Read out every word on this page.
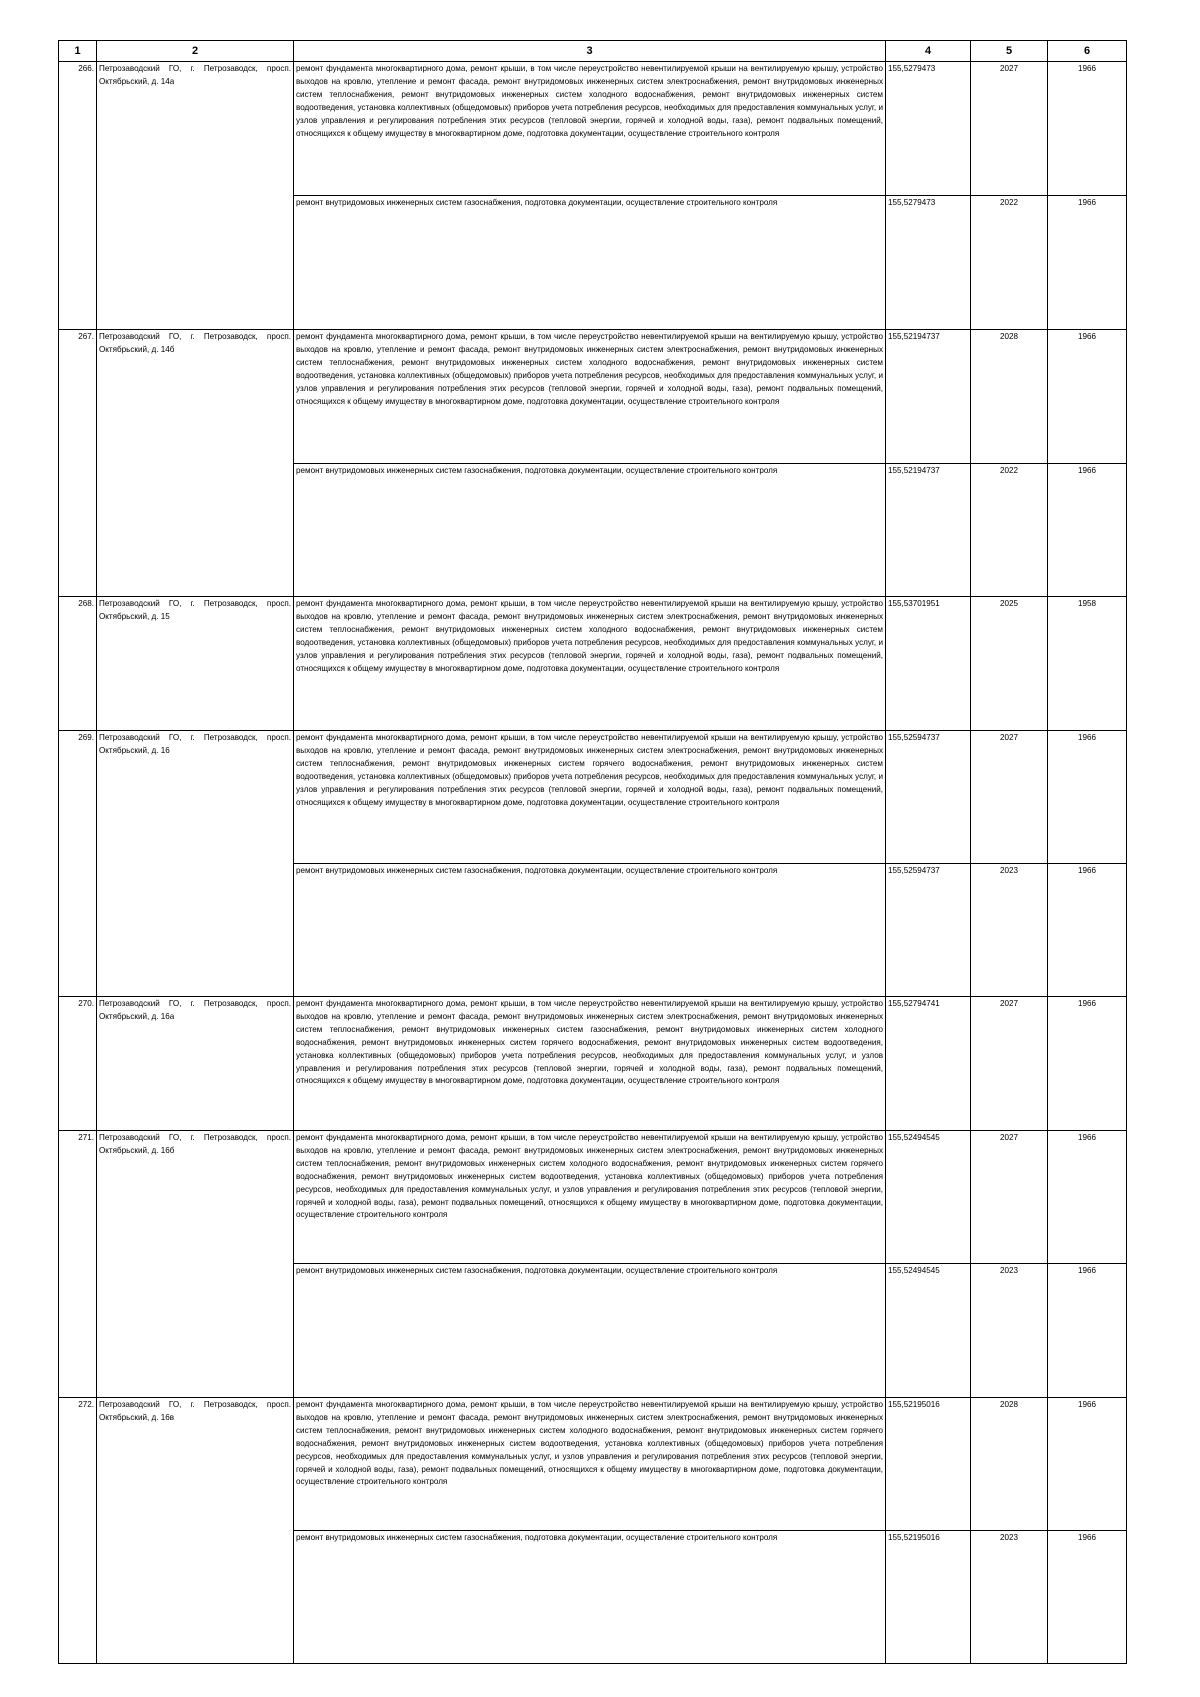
1	2	3	4	5	6
266.	Петрозаводский ГО, г. Петрозаводск, просп. Октябрьский, д. 14а	ремонт фундамента многоквартирного дома, ремонт крыши, в том числе переустройство невентилируемой крыши на вентилируемую крышу, устройство выходов на кровлю, утепление и ремонт фасада, ремонт внутридомовых инженерных систем электроснабжения, ремонт внутридомовых инженерных систем теплоснабжения, ремонт внутридомовых инженерных систем холодного водоснабжения, ремонт внутридомовых инженерных систем водоотведения, установка коллективных (общедомовых) приборов учета потребления ресурсов, необходимых для предоставления коммунальных услуг, и узлов управления и регулирования потребления этих ресурсов (тепловой энергии, горячей и холодной воды, газа), ремонт подвальных помещений, относящихся к общему имуществу в многоквартирном доме, подготовка документации, осуществление строительного контроля	155,5279473	2027	1966
		ремонт внутридомовых инженерных систем газоснабжения, подготовка документации, осуществление строительного контроля	155,5279473	2022	1966
267.	Петрозаводский ГО, г. Петрозаводск, просп. Октябрьский, д. 14б	ремонт фундамента многоквартирного дома, ремонт крыши, в том числе переустройство невентилируемой крыши на вентилируемую крышу, устройство выходов на кровлю, утепление и ремонт фасада, ремонт внутридомовых инженерных систем электроснабжения, ремонт внутридомовых инженерных систем теплоснабжения, ремонт внутридомовых инженерных систем холодного водоснабжения, ремонт внутридомовых инженерных систем водоотведения, установка коллективных (общедомовых) приборов учета потребления ресурсов, необходимых для предоставления коммунальных услуг, и узлов управления и регулирования потребления этих ресурсов (тепловой энергии, горячей и холодной воды, газа), ремонт подвальных помещений, относящихся к общему имуществу в многоквартирном доме, подготовка документации, осуществление строительного контроля	155,52194737	2028	1966
		ремонт внутридомовых инженерных систем газоснабжения, подготовка документации, осуществление строительного контроля	155,52194737	2022	1966
268.	Петрозаводский ГО, г. Петрозаводск, просп. Октябрьский, д. 15	ремонт фундамента многоквартирного дома, ремонт крыши, в том числе переустройство невентилируемой крыши на вентилируемую крышу, устройство выходов на кровлю, утепление и ремонт фасада, ремонт внутридомовых инженерных систем электроснабжения, ремонт внутридомовых инженерных систем теплоснабжения, ремонт внутридомовых инженерных систем холодного водоснабжения, ремонт внутридомовых инженерных систем водоотведения, установка коллективных (общедомовых) приборов учета потребления ресурсов, необходимых для предоставления коммунальных услуг, и узлов управления и регулирования потребления этих ресурсов (тепловой энергии, горячей и холодной воды, газа), ремонт подвальных помещений, относящихся к общему имуществу в многоквартирном доме, подготовка документации, осуществление строительного контроля	155,53701951	2025	1958
269.	Петрозаводский ГО, г. Петрозаводск, просп. Октябрьский, д. 16	ремонт фундамента многоквартирного дома, ремонт крыши, в том числе переустройство невентилируемой крыши на вентилируемую крышу, устройство выходов на кровлю, утепление и ремонт фасада, ремонт внутридомовых инженерных систем электроснабжения, ремонт внутридомовых инженерных систем теплоснабжения, ремонт внутридомовых инженерных систем горячего водоснабжения, ремонт внутридомовых инженерных систем водоотведения, установка коллективных (общедомовых) приборов учета потребления ресурсов, необходимых для предоставления коммунальных услуг, и узлов управления и регулирования потребления этих ресурсов (тепловой энергии, горячей и холодной воды, газа), ремонт подвальных помещений, относящихся к общему имуществу в многоквартирном доме, подготовка документации, осуществление строительного контроля	155,52594737	2027	1966
		ремонт внутридомовых инженерных систем газоснабжения, подготовка документации, осуществление строительного контроля	155,52594737	2023	1966
270.	Петрозаводский ГО, г. Петрозаводск, просп. Октябрьский, д. 16а	ремонт фундамента многоквартирного дома, ремонт крыши, в том числе переустройство невентилируемой крыши на вентилируемую крышу, устройство выходов на кровлю, утепление и ремонт фасада, ремонт внутридомовых инженерных систем электроснабжения, ремонт внутридомовых инженерных систем теплоснабжения, ремонт внутридомовых инженерных систем газоснабжения, ремонт внутридомовых инженерных систем холодного водоснабжения, ремонт внутридомовых инженерных систем горячего водоснабжения, ремонт внутридомовых инженерных систем водоотведения, установка коллективных (общедомовых) приборов учета потребления ресурсов, необходимых для предоставления коммунальных услуг, и узлов управления и регулирования потребления этих ресурсов (тепловой энергии, горячей и холодной воды, газа), ремонт подвальных помещений, относящихся к общему имуществу в многоквартирном доме, подготовка документации, осуществление строительного контроля	155,52794741	2027	1966
271.	Петрозаводский ГО, г. Петрозаводск, просп. Октябрьский, д. 16б	ремонт фундамента многоквартирного дома, ремонт крыши, в том числе переустройство невентилируемой крыши на вентилируемую крышу, устройство выходов на кровлю, утепление и ремонт фасада, ремонт внутридомовых инженерных систем электроснабжения, ремонт внутридомовых инженерных систем теплоснабжения, ремонт внутридомовых инженерных систем холодного водоснабжения, ремонт внутридомовых инженерных систем горячего водоснабжения, ремонт внутридомовых инженерных систем водоотведения, установка коллективных (общедомовых) приборов учета потребления ресурсов, необходимых для предоставления коммунальных услуг, и узлов управления и регулирования потребления этих ресурсов (тепловой энергии, горячей и холодной воды, газа), ремонт подвальных помещений, относящихся к общему имуществу в многоквартирном доме, подготовка документации, осуществление строительного контроля	155,52494545	2027	1966
		ремонт внутридомовых инженерных систем газоснабжения, подготовка документации, осуществление строительного контроля	155,52494545	2023	1966
272.	Петрозаводский ГО, г. Петрозаводск, просп. Октябрьский, д. 16в	ремонт фундамента многоквартирного дома, ремонт крыши, в том числе переустройство невентилируемой крыши на вентилируемую крышу, устройство выходов на кровлю, утепление и ремонт фасада, ремонт внутридомовых инженерных систем электроснабжения, ремонт внутридомовых инженерных систем теплоснабжения, ремонт внутридомовых инженерных систем холодного водоснабжения, ремонт внутридомовых инженерных систем горячего водоснабжения, ремонт внутридомовых инженерных систем водоотведения, установка коллективных (общедомовых) приборов учета потребления ресурсов, необходимых для предоставления коммунальных услуг, и узлов управления и регулирования потребления этих ресурсов (тепловой энергии, горячей и холодной воды, газа), ремонт подвальных помещений, относящихся к общему имуществу в многоквартирном доме, подготовка документации, осуществление строительного контроля	155,52195016	2028	1966
		ремонт внутридомовых инженерных систем газоснабжения, подготовка документации, осуществление строительного контроля	155,52195016	2023	1966
